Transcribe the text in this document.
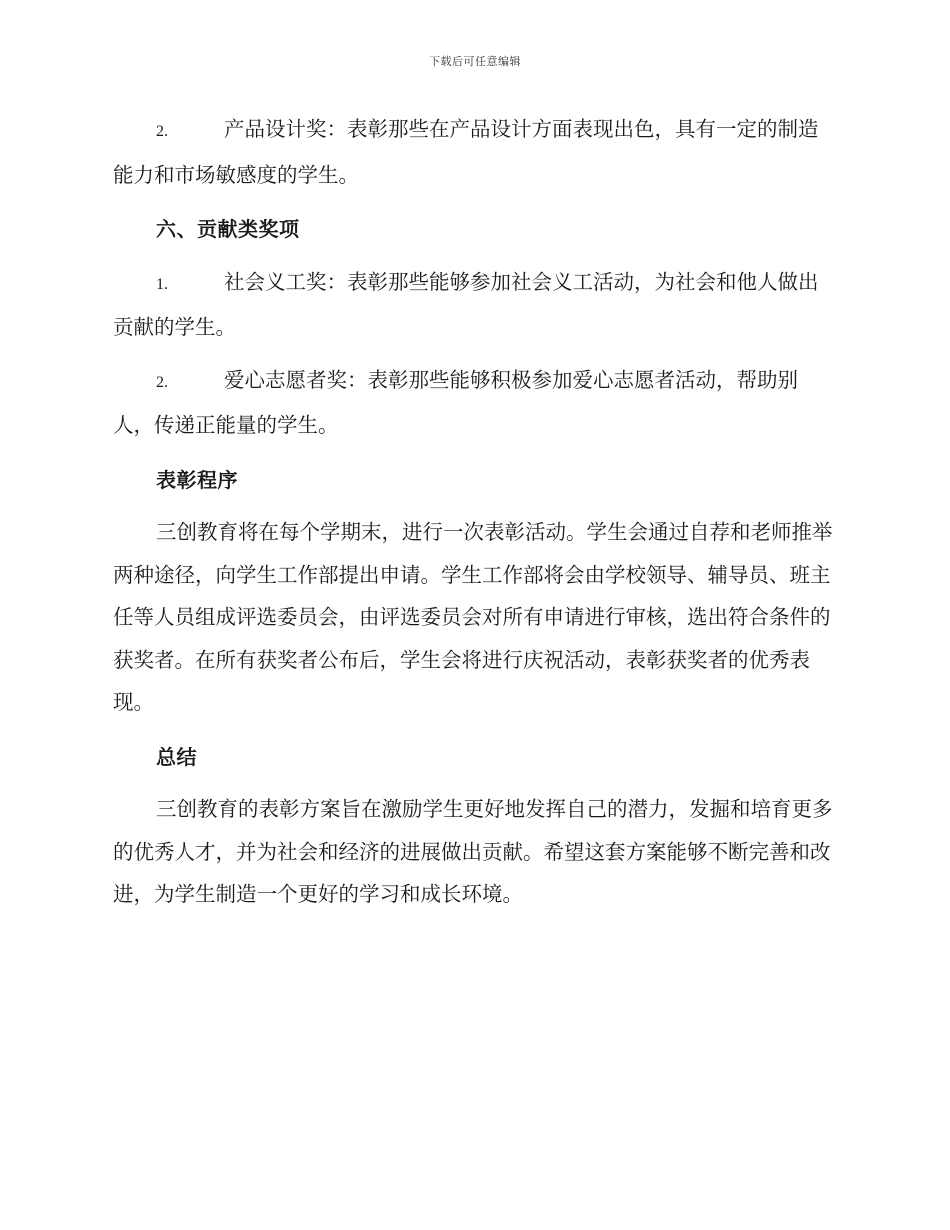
下载后可任意编辑

2.	产品设计奖：表彰那些在产品设计方面表现出色，具有一定的制造能力和市场敏感度的学生。

六、贡献类奖项

1.	社会义工奖：表彰那些能够参加社会义工活动，为社会和他人做出贡献的学生。

2.	爱心志愿者奖：表彰那些能够积极参加爱心志愿者活动，帮助别人，传递正能量的学生。

表彰程序

三创教育将在每个学期末，进行一次表彰活动。学生会通过自荐和老师推举两种途径，向学生工作部提出申请。学生工作部将会由学校领导、辅导员、班主任等人员组成评选委员会，由评选委员会对所有申请进行审核，选出符合条件的获奖者。在所有获奖者公布后，学生会将进行庆祝活动，表彰获奖者的优秀表现。

总结

三创教育的表彰方案旨在激励学生更好地发挥自己的潜力，发掘和培育更多的优秀人才，并为社会和经济的进展做出贡献。希望这套方案能够不断完善和改进，为学生制造一个更好的学习和成长环境。
